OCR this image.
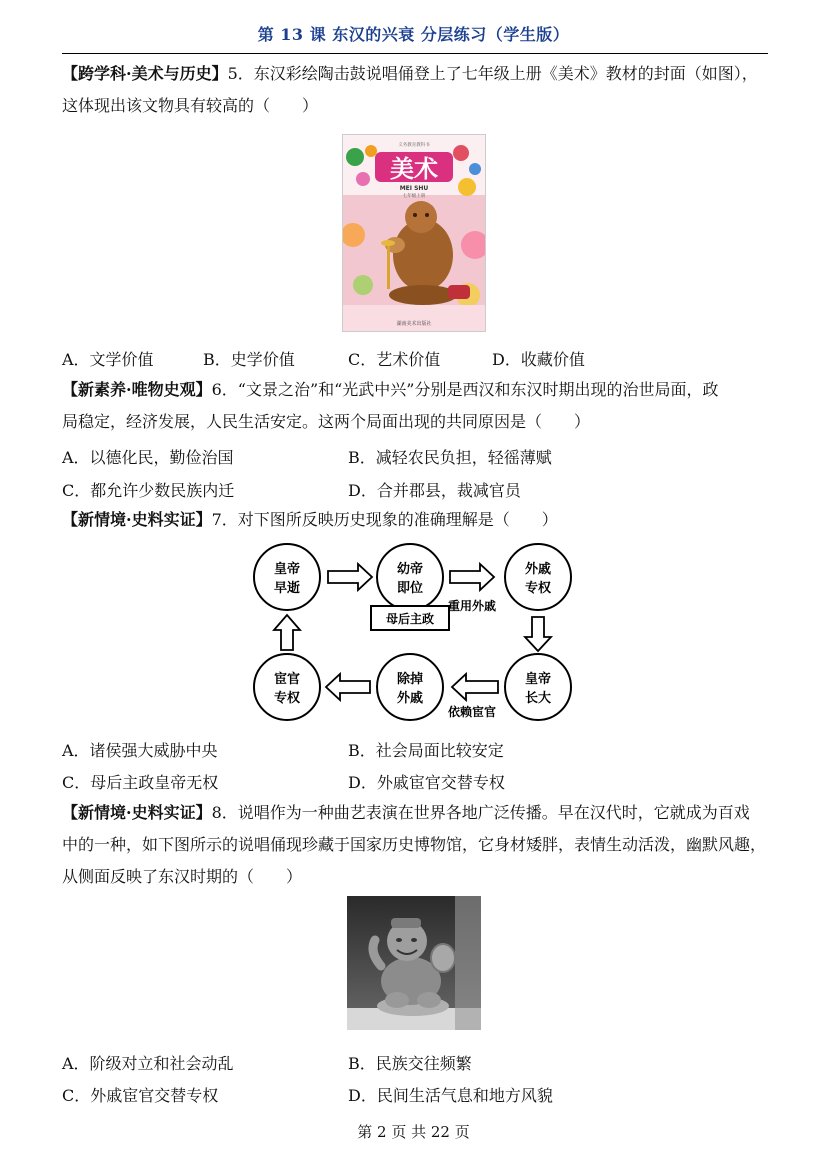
第 13 课 东汉的兴衰 分层练习（学生版）
【跨学科·美术与历史】5．东汉彩绘陶击鼓说唱俑登上了七年级上册《美术》教材的封面（如图），
这体现出该文物具有较高的（　　）
义务教育教科书
美术
MEI SHU
七年级上册
湖南美术出版社
A．文学价值	B．史学价值	C．艺术价值	D．收藏价值
【新素养·唯物史观】6．“文景之治”和“光武中兴”分别是西汉和东汉时期出现的治世局面，政
局稳定，经济发展，人民生活安定。这两个局面出现的共同原因是（　　）
A．以德化民，勤俭治国	B．减轻农民负担，轻徭薄赋
C．都允许少数民族内迁	D．合并郡县，裁减官员
【新情境·史料实证】7．对下图所反映历史现象的准确理解是（　　）
皇帝
早逝
幼帝
即位
外戚
专权
皇帝
长大
除掉
外戚
宦官
专权
母后主政
重用外戚
依赖宦官
A．诸侯强大威胁中央	B．社会局面比较安定
C．母后主政皇帝无权	D．外戚宦官交替专权
【新情境·史料实证】8．说唱作为一种曲艺表演在世界各地广泛传播。早在汉代时，它就成为百戏
中的一种，如下图所示的说唱俑现珍藏于国家历史博物馆，它身材矮胖，表情生动活泼，幽默风趣，
从侧面反映了东汉时期的（　　）
A．阶级对立和社会动乱	B．民族交往频繁
C．外戚宦官交替专权	D．民间生活气息和地方风貌
第 2 页 共 22 页
